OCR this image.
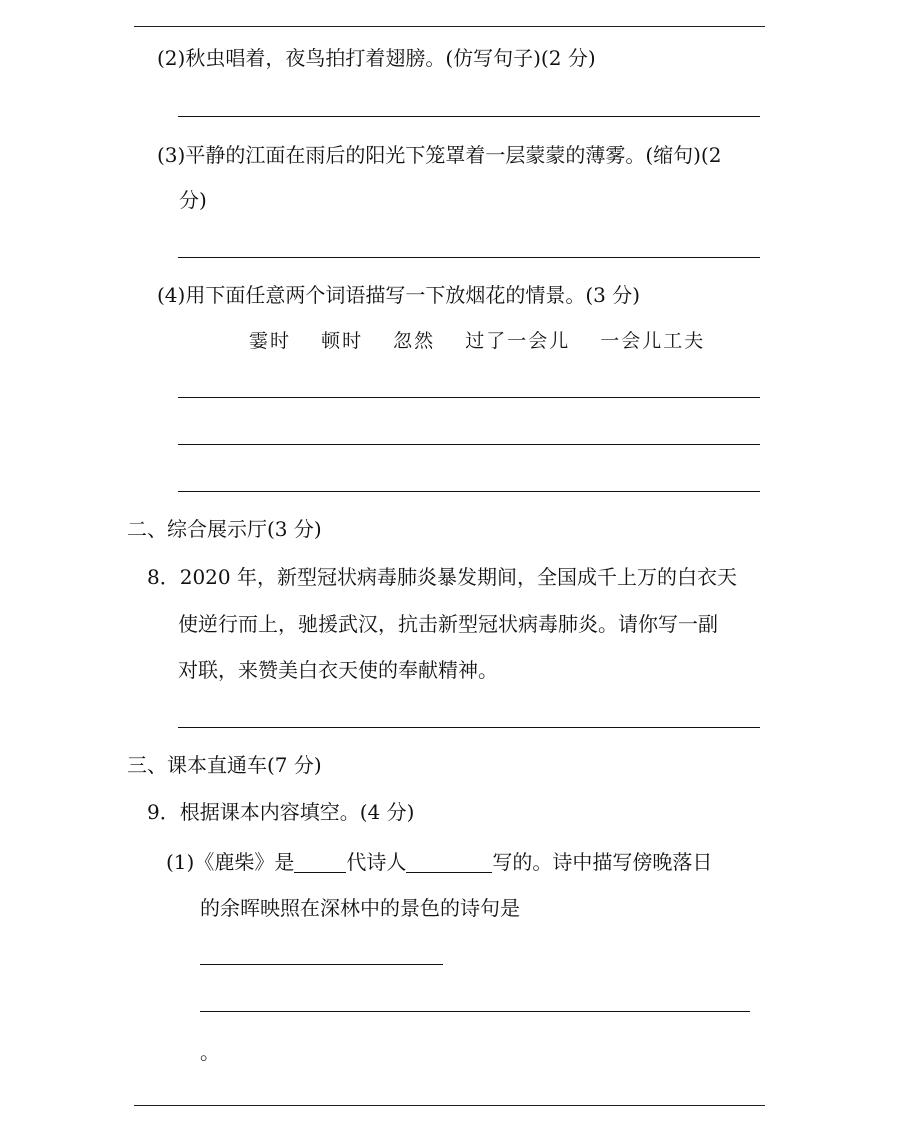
(2)秋虫唱着，夜鸟拍打着翅膀。(仿写句子)(2 分)
(3)平静的江面在雨后的阳光下笼罩着一层蒙蒙的薄雾。(缩句)(2
分)
(4)用下面任意两个词语描写一下放烟花的情景。(3 分)
霎时 顿时 忽然 过了一会儿 一会儿工夫
二、综合展示厅(3 分)
8．2020 年，新型冠状病毒肺炎暴发期间，全国成千上万的白衣天
使逆行而上，驰援武汉，抗击新型冠状病毒肺炎。请你写一副
对联，来赞美白衣天使的奉献精神。
三、课本直通车(7 分)
9．根据课本内容填空。(4 分)
(1)《鹿柴》是	代诗人	写的。诗中描写傍晚落日
的余晖映照在深林中的景色的诗句是
。
